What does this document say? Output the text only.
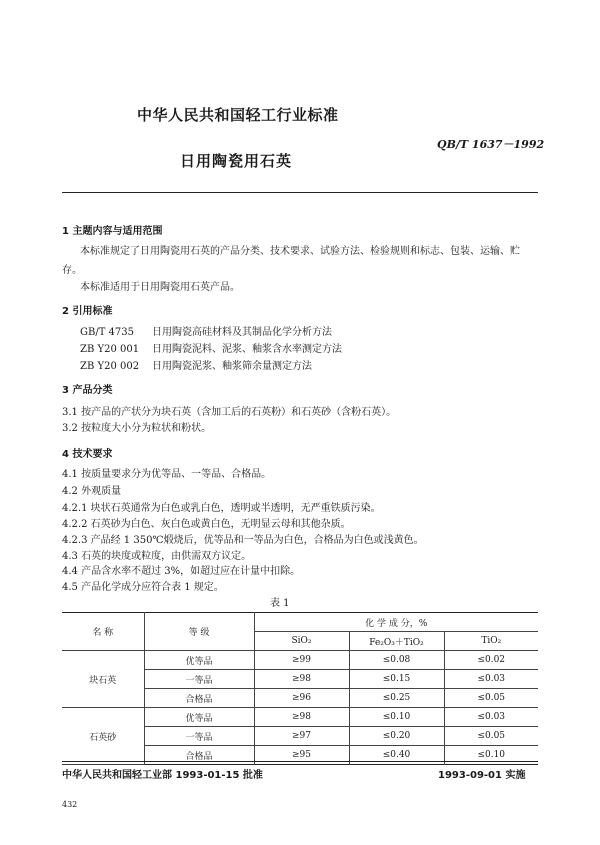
中华人民共和国轻工行业标准
QB/T 1637－1992
日用陶瓷用石英
1 主题内容与适用范围
本标准规定了日用陶瓷用石英的产品分类、技术要求、试验方法、检验规则和标志、包装、运输、贮
存。
本标准适用于日用陶瓷用石英产品。
2 引用标准
GB/T 4735 日用陶瓷高硅材料及其制品化学分析方法
ZB Y20 001 日用陶瓷泥料、泥浆、釉浆含水率测定方法
ZB Y20 002 日用陶瓷泥浆、釉浆筛余量测定方法
3 产品分类
3.1 按产品的产状分为块石英（含加工后的石英粉）和石英砂（含粉石英）。
3.2 按粒度大小分为粒状和粉状。
4 技术要求
4.1 按质量要求分为优等品、一等品、合格品。
4.2 外观质量
4.2.1 块状石英通常为白色或乳白色，透明或半透明，无严重铁质污染。
4.2.2 石英砂为白色、灰白色或黄白色，无明显云母和其他杂质。
4.2.3 产品经 1 350℃煅烧后，优等品和一等品为白色，合格品为白色或浅黄色。
4.3 石英的块度或粒度，由供需双方议定。
4.4 产品含水率不超过 3%，如超过应在计量中扣除。
4.5 产品化学成分应符合表 1 规定。
表 1
名 称	等 级	化 学 成 分，%		
		SiO₂	Fe₂O₃＋TiO₂	TiO₂
块石英	优等品	≥99	≤0.08	≤0.02
	一等品	≥98	≤0.15	≤0.03
	合格品	≥96	≤0.25	≤0.05
石英砂	优等品	≥98	≤0.10	≤0.03
	一等品	≥97	≤0.20	≤0.05
	合格品	≥95	≤0.40	≤0.10
中华人民共和国轻工业部 1993-01-15 批准	1993-09-01 实施
432
